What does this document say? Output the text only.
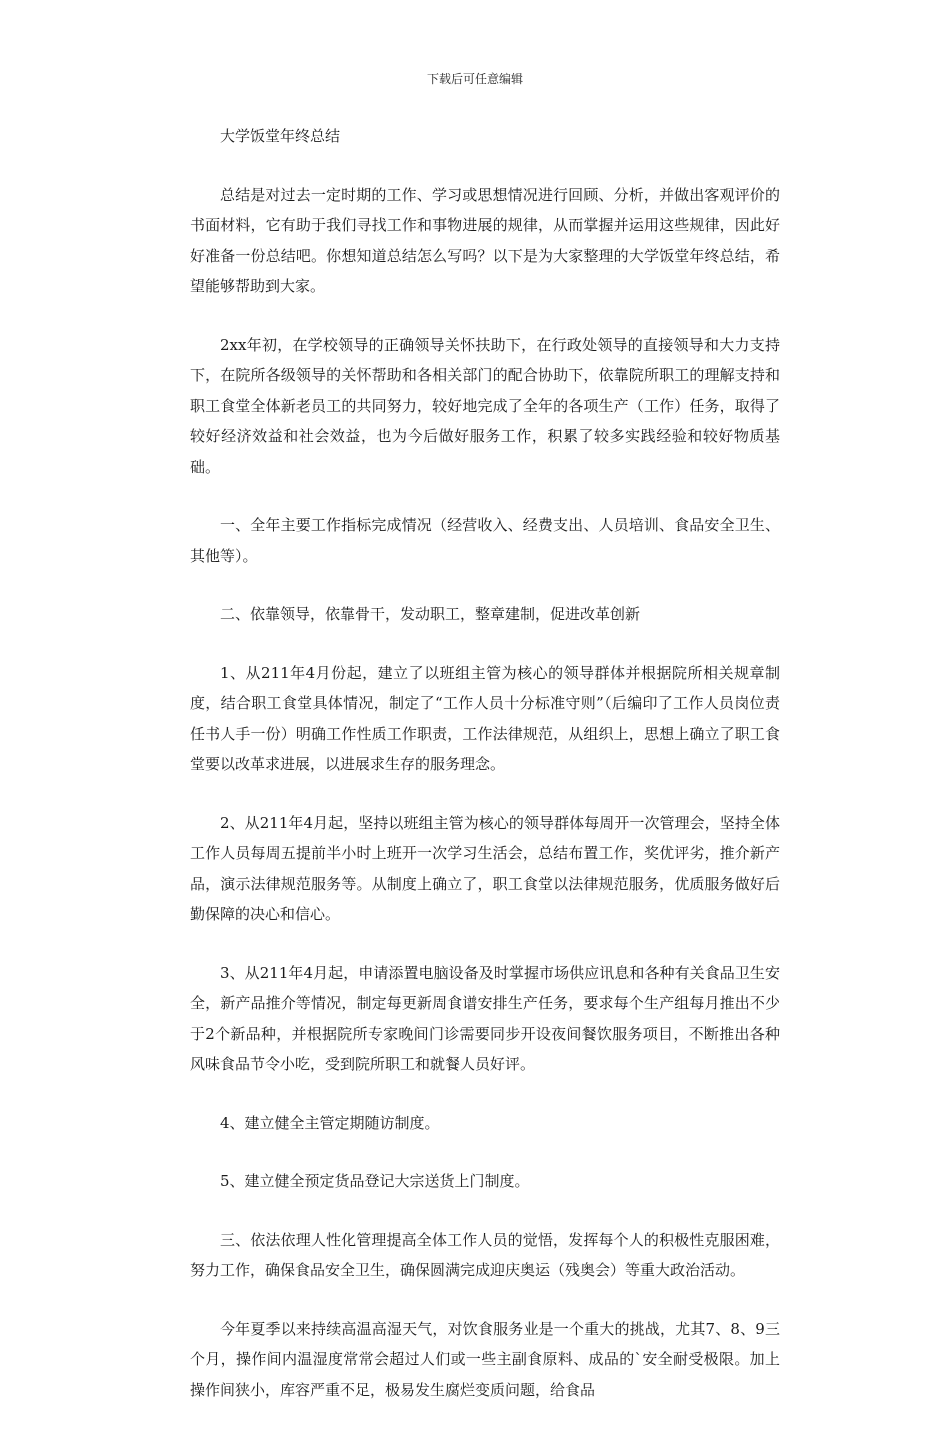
下载后可任意编辑

大学饭堂年终总结

总结是对过去一定时期的工作、学习或思想情况进行回顾、分析，并做出客观评价的书面材料，它有助于我们寻找工作和事物进展的规律，从而掌握并运用这些规律，因此好好准备一份总结吧。你想知道总结怎么写吗？以下是为大家整理的大学饭堂年终总结，希望能够帮助到大家。

2xx年初，在学校领导的正确领导关怀扶助下，在行政处领导的直接领导和大力支持下，在院所各级领导的关怀帮助和各相关部门的配合协助下，依靠院所职工的理解支持和职工食堂全体新老员工的共同努力，较好地完成了全年的各项生产（工作）任务，取得了较好经济效益和社会效益，也为今后做好服务工作，积累了较多实践经验和较好物质基础。

一、全年主要工作指标完成情况（经营收入、经费支出、人员培训、食品安全卫生、其他等）。

二、依靠领导，依靠骨干，发动职工，整章建制，促进改革创新

1、从211年4月份起，建立了以班组主管为核心的领导群体并根据院所相关规章制度，结合职工食堂具体情况，制定了“工作人员十分标准守则”（后编印了工作人员岗位责任书人手一份）明确工作性质工作职责，工作法律规范，从组织上，思想上确立了职工食堂要以改革求进展，以进展求生存的服务理念。

2、从211年4月起，坚持以班组主管为核心的领导群体每周开一次管理会，坚持全体工作人员每周五提前半小时上班开一次学习生活会，总结布置工作，奖优评劣，推介新产品，演示法律规范服务等。从制度上确立了，职工食堂以法律规范服务，优质服务做好后勤保障的决心和信心。

3、从211年4月起，申请添置电脑设备及时掌握市场供应讯息和各种有关食品卫生安全，新产品推介等情况，制定每更新周食谱安排生产任务，要求每个生产组每月推出不少于2个新品种，并根据院所专家晚间门诊需要同步开设夜间餐饮服务项目，不断推出各种风味食品节令小吃，受到院所职工和就餐人员好评。

4、建立健全主管定期随访制度。

5、建立健全预定货品登记大宗送货上门制度。

三、依法依理人性化管理提高全体工作人员的觉悟，发挥每个人的积极性克服困难，努力工作，确保食品安全卫生，确保圆满完成迎庆奥运（残奥会）等重大政治活动。

今年夏季以来持续高温高湿天气，对饮食服务业是一个重大的挑战，尤其7、8、9三个月，操作间内温湿度常常会超过人们或一些主副食原料、成品的`安全耐受极限。加上操作间狭小，库容严重不足，极易发生腐烂变质问题，给食品
